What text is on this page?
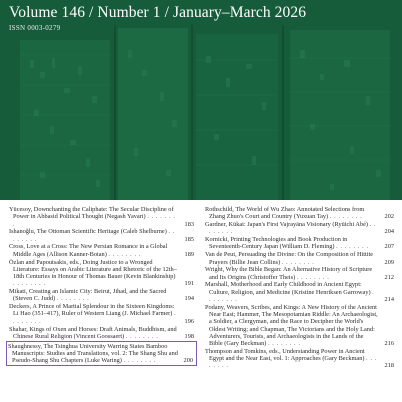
Volume 146 / Number 1 / January–March 2026
ISSN 0003-0279
Yücesoy, Downchanting the Caliphate: The Secular Discipline of Power in Abbasid Political Thought (Negash Yavari) . . . . . . . .	183
Ishanoğlu, The Ottoman Scientific Heritage (Caleb Shelburne) . . . . . . . .	185
Cross, Love at a Cross: The New Persian Romance in a Global Middle Ages (Allison Kanner-Botan) . . . . . . . .	189
Özlan and Papoutsakis, eds., Doing Justice to a Wronged Literature: Essays on Arabic Literature and Rhetoric of the 12th–18th Centuries in Honour of Thomas Bauer (Kevin Blankinship) . . . . . . . .	191
Mikati, Creating an Islamic City: Beirut, Jihad, and the Sacred (Steven C. Judd) . . . . . . . .	194
Deckers, A Prince of Martial Splendour in the Sixteen Kingdoms: Li Hao (351–417), Ruler of Western Liang (J. Michael Farmer) . . . . . . . .	196
Shahar, Kings of Oxen and Horses: Draft Animals, Buddhism, and Chinese Rural Religion (Vincent Goossaert) . . . . . . . .	198
Shaughnessy, The Tsinghua University Warring States Bamboo Manuscripts: Studies and Translations, vol. 2: The Shang Shu and Pseudo-Shang Shu Chapters (Luke Waring) . . . . . . . .	200
Rothschild, The World of Wu Zhao: Annotated Selections from Zhang Zhuo's Court and Country (Yuxuan Tay) . . . . . . . .	202
Gardner, Kūkai: Japan's First Vajrayāna Visionary (Ryūichi Abé) . . . . . . . .	204
Kornicki, Printing Technologies and Book Production in Seventeenth-Century Japan (William D. Fleming) . . . . . . . .	207
Van de Peut, Persuading the Divine: On the Composition of Hittite Prayers (Billie Jean Collins) . . . . . . . .	209
Wright, Why the Bible Began: An Alternative History of Scripture and Its Origins (Christoffer Theis) . . . . . . . .	212
Marshall, Motherhood and Early Childhood in Ancient Egypt: Culture, Religion, and Medicine (Kristine Henriksen Garroway) . . . . . . . .	214
Podany, Weavers, Scribes, and Kings: A New History of the Ancient Near East; Hammer, The Mesopotamian Riddle: An Archaeologist, a Soldier, a Clergyman, and the Race to Decipher the World's Oldest Writing; and Chapman, The Victorians and the Holy Land: Adventurers, Tourists, and Archaeologists in the Lands of the Bible (Gary Beckman) . . . . . . . .	216
Thompson and Tomkins, eds., Understanding Power in Ancient Egypt and the Near East, vol. 1: Approaches (Gary Beckman) . . . . . . . .	218
